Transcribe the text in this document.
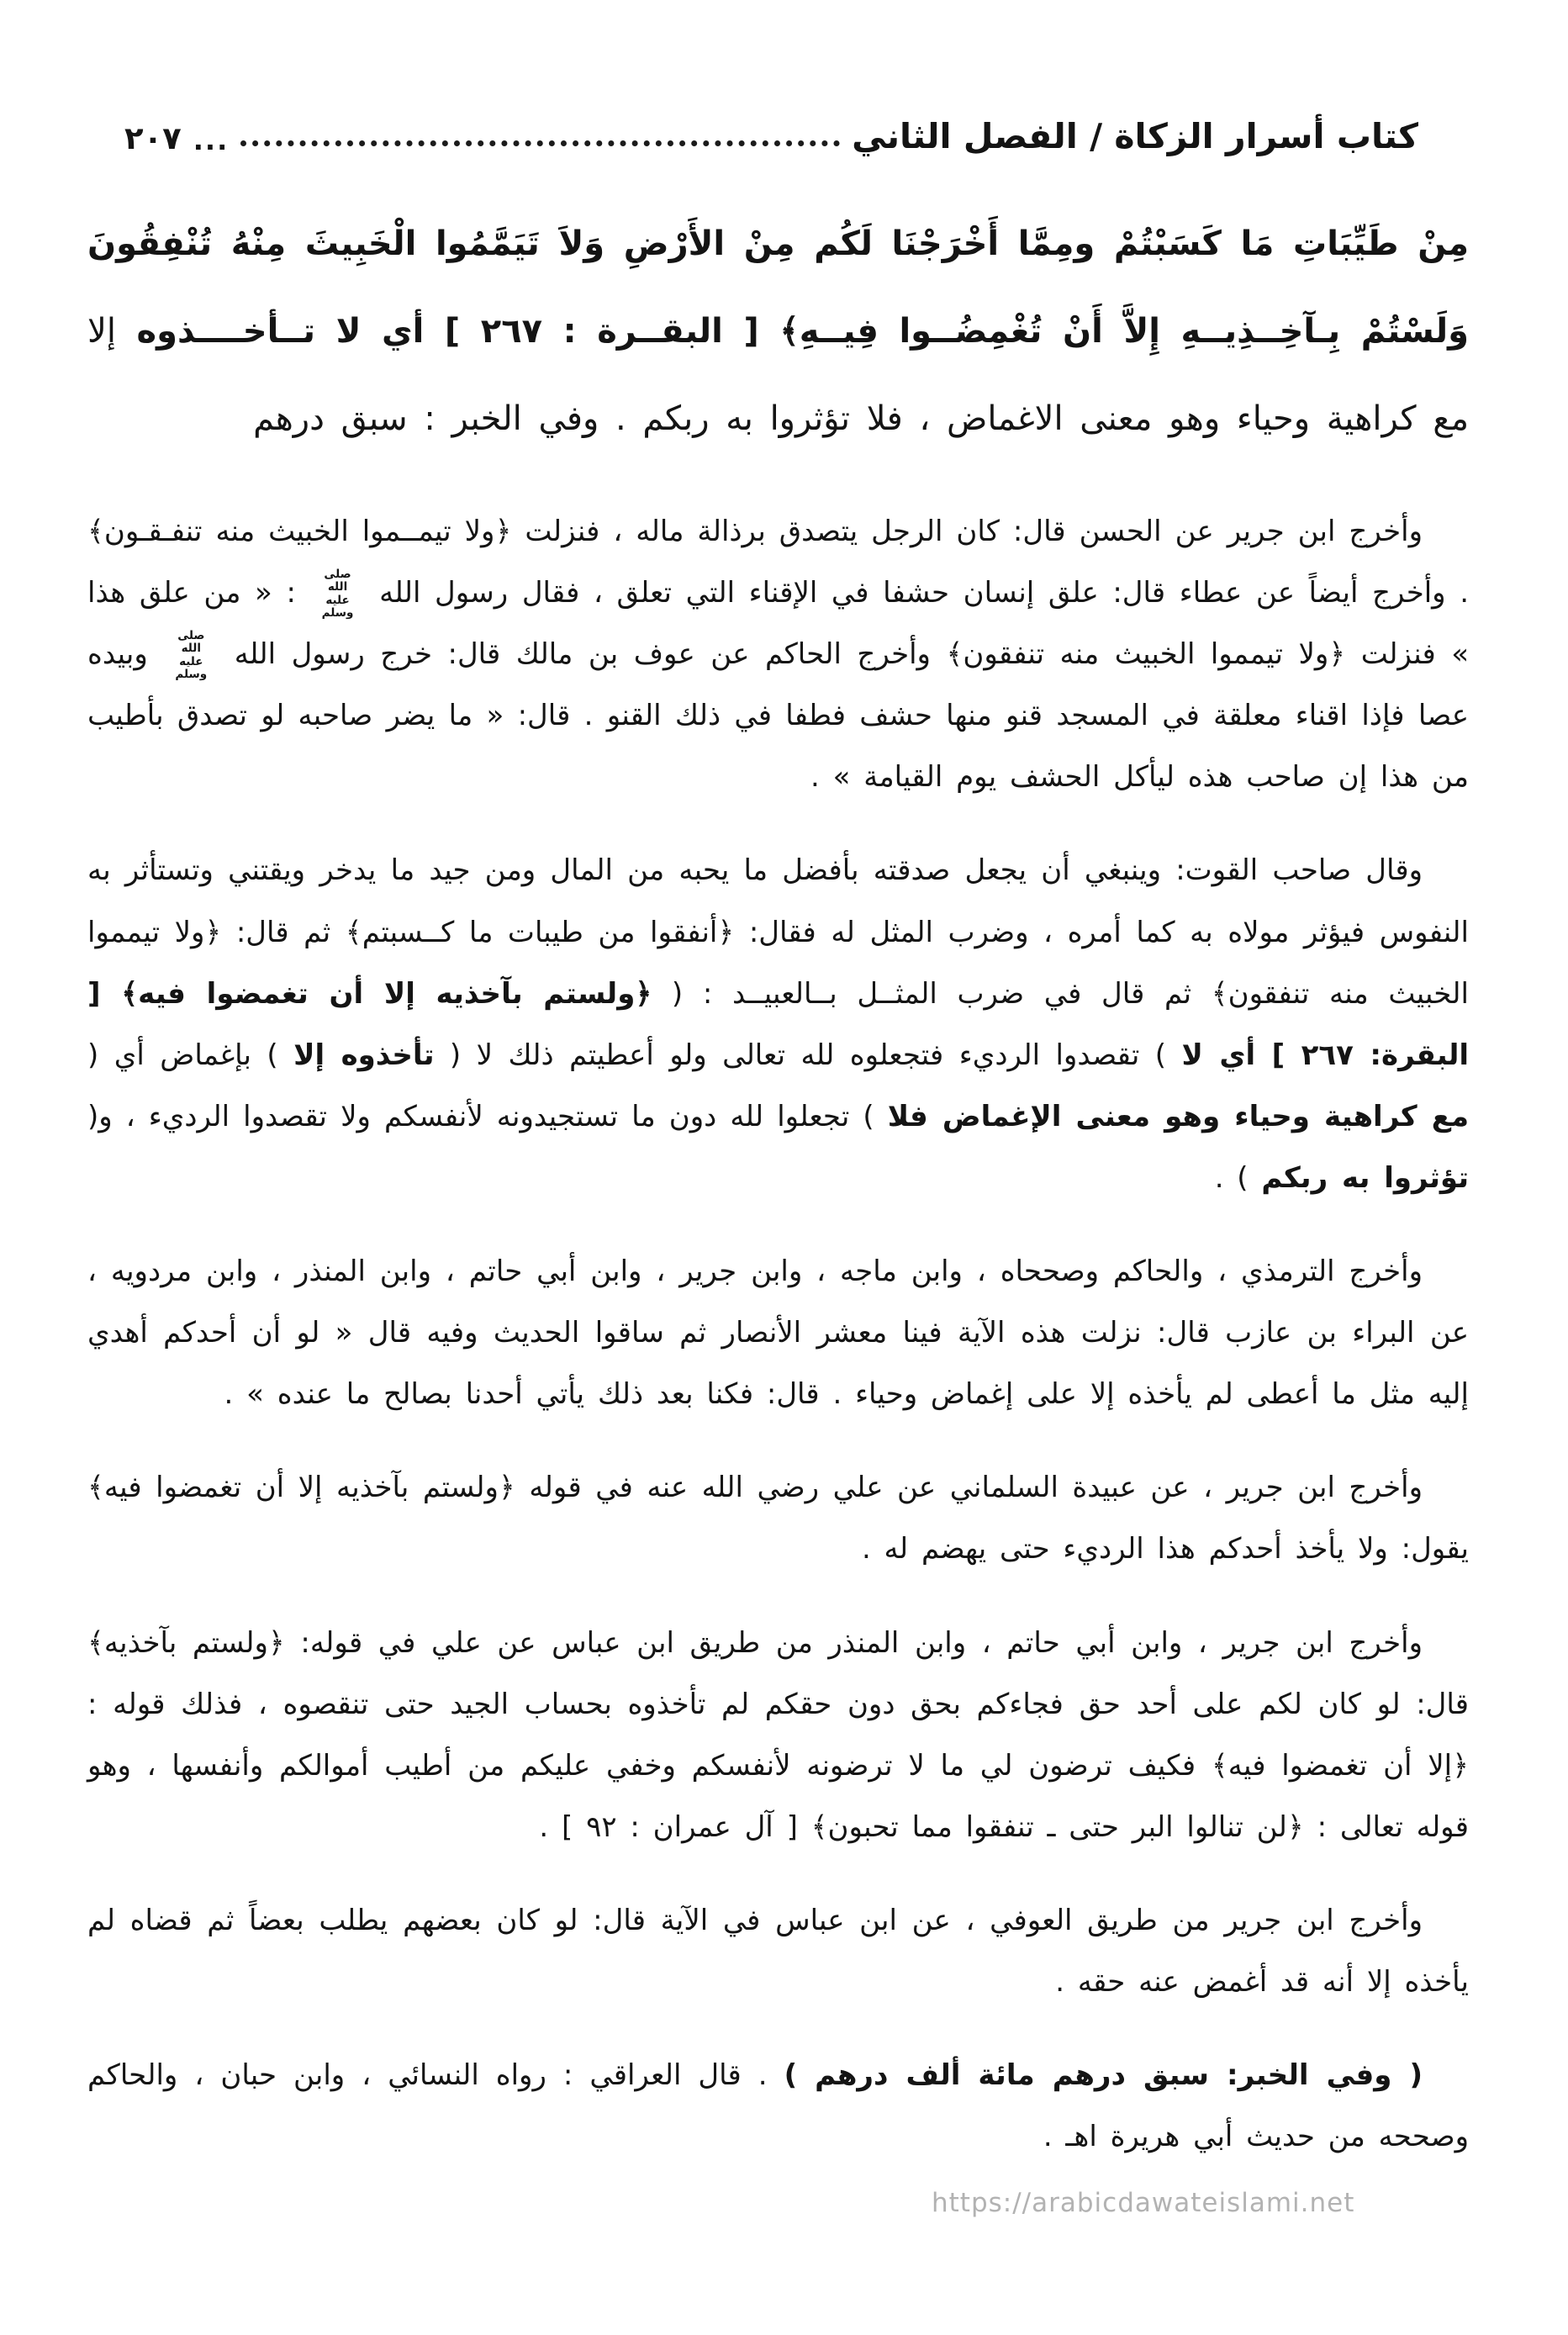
كتاب أسرار الزكاة / الفصل الثاني
...
٢٠٧

مِنْ طَيِّبَاتِ مَا كَسَبْتُمْ ومِمَّا أَخْرَجْنَا لَكُم مِنْ الأَرْضِ وَلاَ تَيَمَّمُوا الْخَبِيثَ مِنْهُ تُنْفِقُونَ وَلَسْتُمْ بِـآخِــذِيــهِ إِلاَّ أَنْ تُغْمِضُــوا فِيــهِ﴾ [ البقــرة : ٢٦٧ ] أي لا تــأخــــذوه إلا مع كراهية وحياء وهو معنى الاغماض ، فلا تؤثروا به ربكم . وفي الخبر : سبق درهم

وأخرج ابن جرير عن الحسن قال: كان الرجل يتصدق برذالة ماله ، فنزلت ﴿ولا تيمــموا الخبيث منه تنفـقـون﴾ . وأخرج أيضاً عن عطاء قال: علق إنسان حشفا في الإقناء التي تعلق ، فقال رسول الله صلى الله عليه وسلم : « من علق هذا » فنزلت ﴿ولا تيمموا الخبيث منه تنفقون﴾ وأخرج الحاكم عن عوف بن مالك قال: خرج رسول الله صلى الله عليه وسلم وبيده عصا فإذا اقناء معلقة في المسجد قنو منها حشف فطفا في ذلك القنو . قال: « ما يضر صاحبه لو تصدق بأطيب من هذا إن صاحب هذه ليأكل الحشف يوم القيامة » .

وقال صاحب القوت: وينبغي أن يجعل صدقته بأفضل ما يحبه من المال ومن جيد ما يدخر ويقتني وتستأثر به النفوس فيؤثر مولاه به كما أمره ، وضرب المثل له فقال: ﴿أنفقوا من طيبات ما كــسبتم﴾ ثم قال: ﴿ولا تيمموا الخبيث منه تنفقون﴾ ثم قال في ضرب المثــل بــالعبيــد : ( ﴿ولستم بآخذيه إلا أن تغمضوا فيه﴾ [ البقرة: ٢٦٧ ] أي لا ) تقصدوا الرديء فتجعلوه لله تعالى ولو أعطيتم ذلك لا ( تأخذوه إلا ) بإغماض أي ( مع كراهية وحياء وهو معنى الإغماض فلا ) تجعلوا لله دون ما تستجيدونه لأنفسكم ولا تقصدوا الرديء ، و( تؤثروا به ربكم ) .

وأخرج الترمذي ، والحاكم وصححاه ، وابن ماجه ، وابن جرير ، وابن أبي حاتم ، وابن المنذر ، وابن مردويه ، عن البراء بن عازب قال: نزلت هذه الآية فينا معشر الأنصار ثم ساقوا الحديث وفيه قال « لو أن أحدكم أهدي إليه مثل ما أعطى لم يأخذه إلا على إغماض وحياء . قال: فكنا بعد ذلك يأتي أحدنا بصالح ما عنده » .

وأخرج ابن جرير ، عن عبيدة السلماني عن علي رضي الله عنه في قوله ﴿ولستم بآخذيه إلا أن تغمضوا فيه﴾ يقول: ولا يأخذ أحدكم هذا الرديء حتى يهضم له .

وأخرج ابن جرير ، وابن أبي حاتم ، وابن المنذر من طريق ابن عباس عن علي في قوله: ﴿ولستم بآخذيه﴾ قال: لو كان لكم على أحد حق فجاءكم بحق دون حقكم لم تأخذوه بحساب الجيد حتى تنقصوه ، فذلك قوله : ﴿إلا أن تغمضوا فيه﴾ فكيف ترضون لي ما لا ترضونه لأنفسكم وخفي عليكم من أطيب أموالكم وأنفسها ، وهو قوله تعالى : ﴿لن تنالوا البر حتى ـ تنفقوا مما تحبون﴾ [ آل عمران : ٩٢ ] .

وأخرج ابن جرير من طريق العوفي ، عن ابن عباس في الآية قال: لو كان بعضهم يطلب بعضاً ثم قضاه لم يأخذه إلا أنه قد أغمض عنه حقه .

( وفي الخبر: سبق درهم مائة ألف درهم ) . قال العراقي : رواه النسائي ، وابن حبان ، والحاكم وصححه من حديث أبي هريرة اهـ .

https://arabicdawateislami.net
